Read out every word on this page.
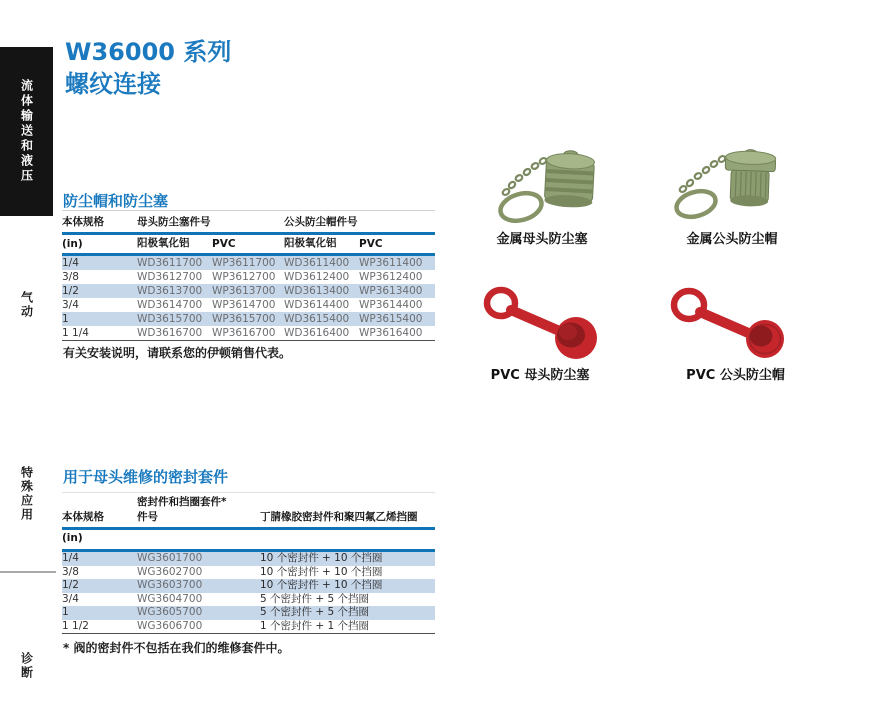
流体输送和液压
气动
特殊应用
诊断
W36000 系列
螺纹连接
防尘帽和防尘塞
本体规格	母头防尘塞件号	公头防尘帽件号
(in)	阳极氧化铝	PVC	阳极氧化铝	PVC
1/4	WD3611700 WP3611700 WD3611400 WP3611400
3/8	WD3612700 WP3612700 WD3612400 WP3612400
1/2	WD3613700 WP3613700 WD3613400 WP3613400
3/4	WD3614700 WP3614700 WD3614400 WP3614400
1	WD3615700 WP3615700 WD3615400 WP3615400
1 1/4	WD3616700 WP3616700 WD3616400 WP3616400

有关安装说明，请联系您的伊顿销售代表。

金属母头防尘塞	金属公头防尘帽

PVC 母头防尘塞	PVC 公头防尘帽

用于母头维修的密封套件
本体规格
密封件和挡圈套件*
件号	丁腈橡胶密封件和聚四氟乙烯挡圈
(in)
1/4	WG3601700	10 个密封件 + 10 个挡圈
3/8	WG3602700	10 个密封件 + 10 个挡圈
1/2	WG3603700	10 个密封件 + 10 个挡圈
3/4	WG3604700	5 个密封件 + 5 个挡圈
1	WG3605700	5 个密封件 + 5 个挡圈
1 1/2	WG3606700	1 个密封件 + 1 个挡圈

* 阀的密封件不包括在我们的维修套件中。
